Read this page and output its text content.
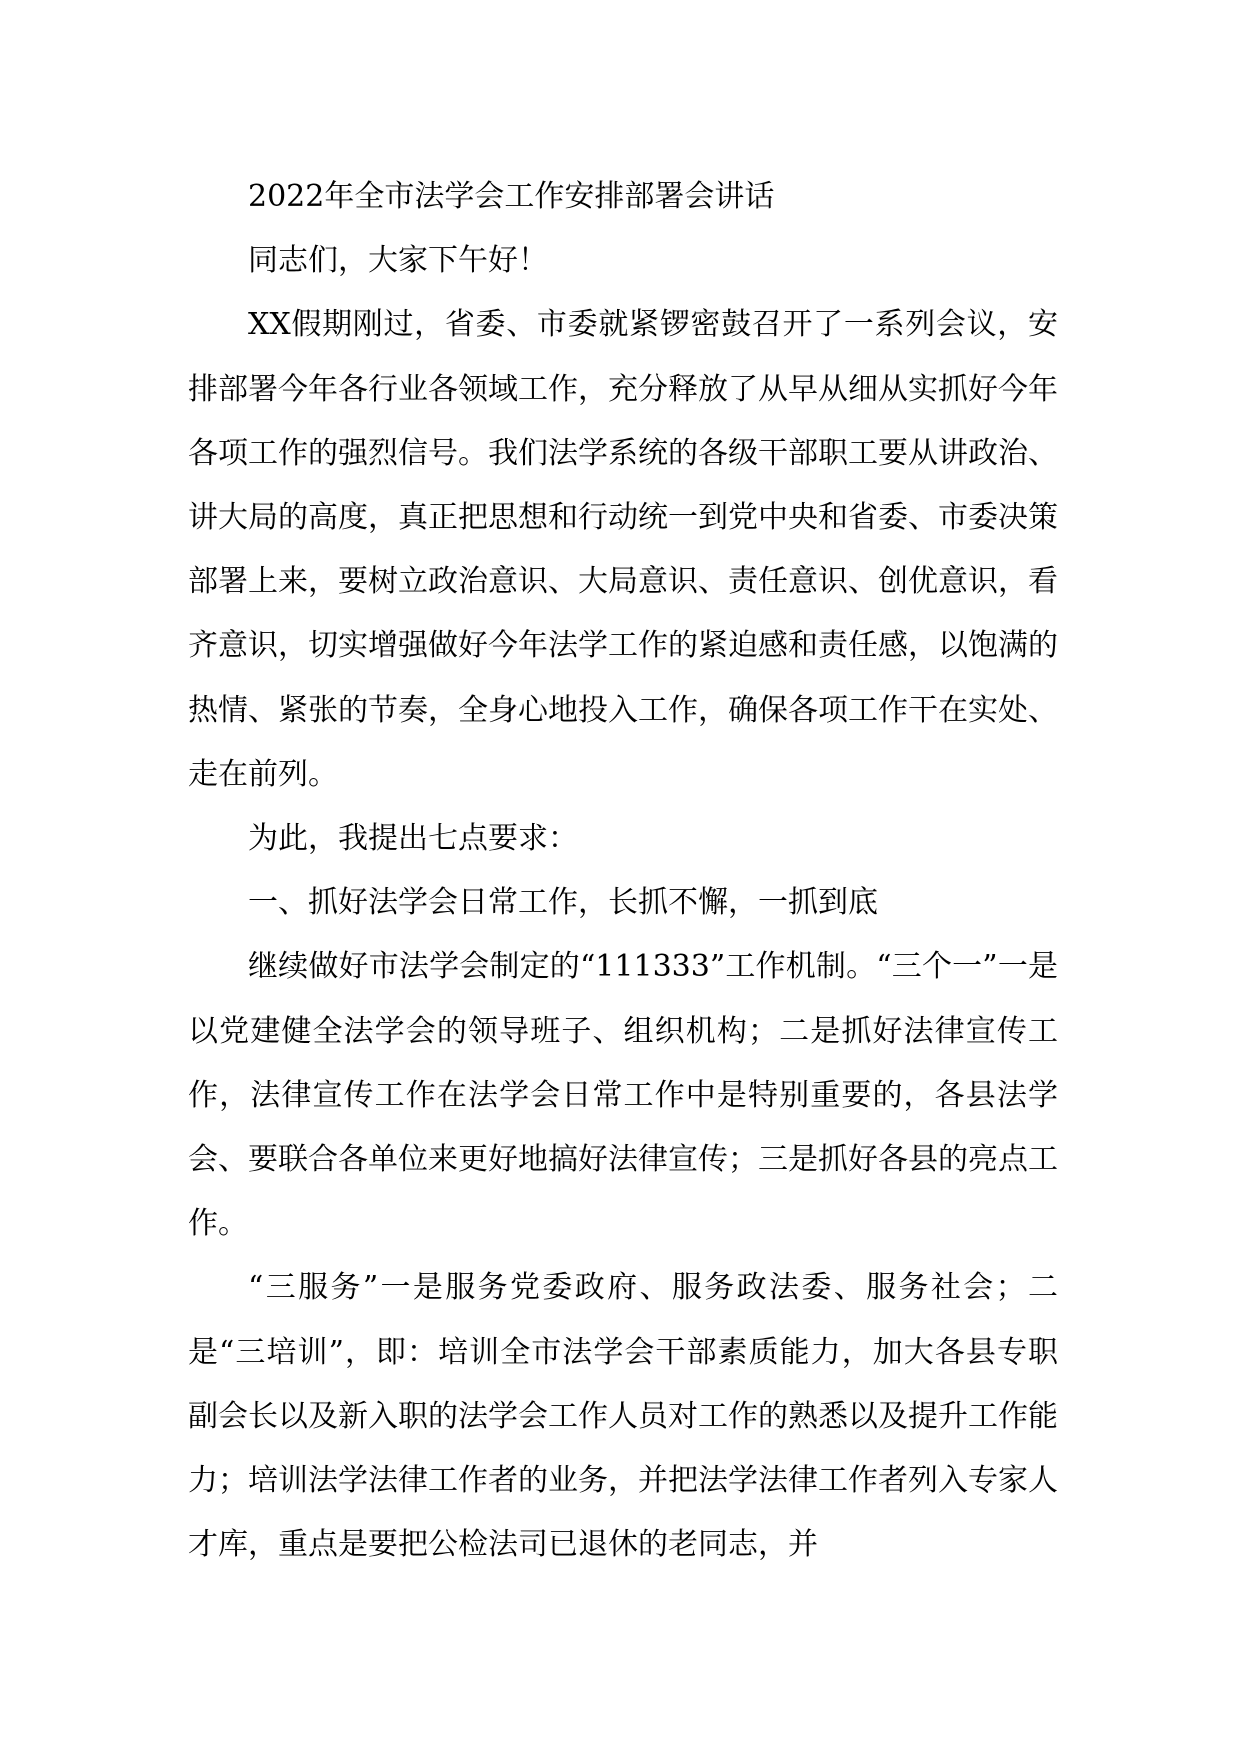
2022年全市法学会工作安排部署会讲话

同志们，大家下午好！

XX假期刚过，省委、市委就紧锣密鼓召开了一系列会议，安排部署今年各行业各领域工作，充分释放了从早从细从实抓好今年各项工作的强烈信号。我们法学系统的各级干部职工要从讲政治、讲大局的高度，真正把思想和行动统一到党中央和省委、市委决策部署上来，要树立政治意识、大局意识、责任意识、创优意识，看齐意识，切实增强做好今年法学工作的紧迫感和责任感，以饱满的热情、紧张的节奏，全身心地投入工作，确保各项工作干在实处、走在前列。

为此，我提出七点要求：

一、抓好法学会日常工作，长抓不懈，一抓到底

继续做好市法学会制定的“111333”工作机制。“三个一”一是以党建健全法学会的领导班子、组织机构；二是抓好法律宣传工作，法律宣传工作在法学会日常工作中是特别重要的，各县法学会、要联合各单位来更好地搞好法律宣传；三是抓好各县的亮点工作。

“三服务”一是服务党委政府、服务政法委、服务社会；二是“三培训”，即：培训全市法学会干部素质能力，加大各县专职副会长以及新入职的法学会工作人员对工作的熟悉以及提升工作能力；培训法学法律工作者的业务，并把法学法律工作者列入专家人才库，重点是要把公检法司已退休的老同志，并
